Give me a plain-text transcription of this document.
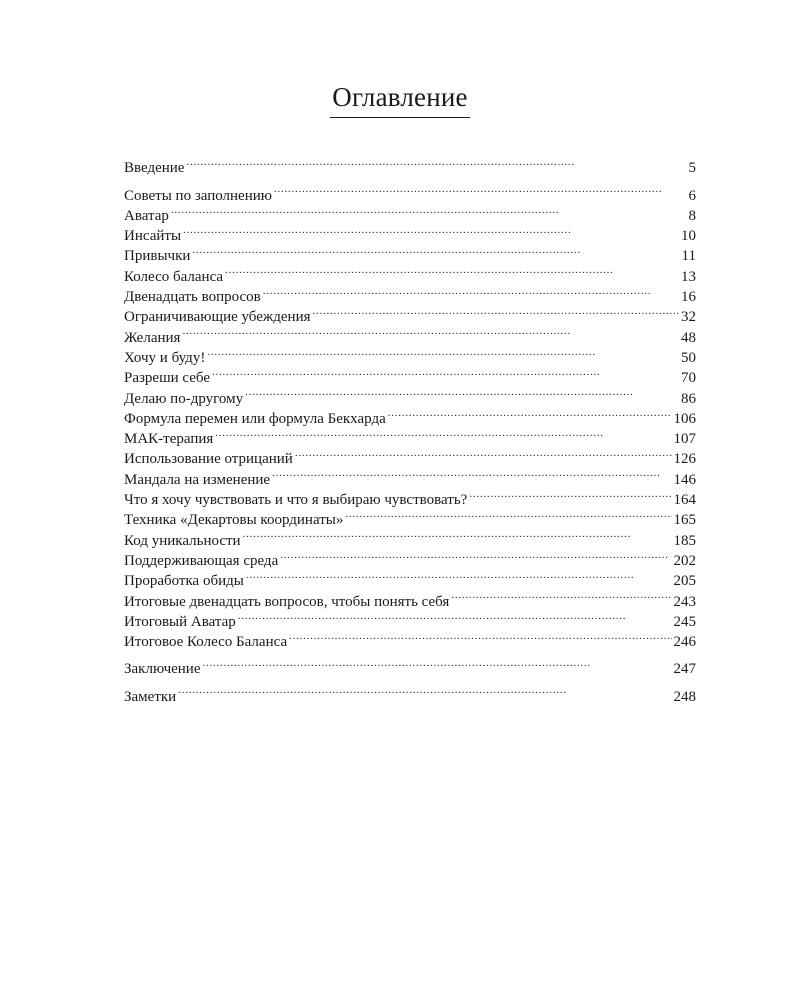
Оглавление
Введение . . .	5
Советы по заполнению . . .	6
Аватар . . .	8
Инсайты . . .	10
Привычки . . .	11
Колесо баланса . . .	13
Двенадцать вопросов . . .	16
Ограничивающие убеждения . . .	32
Желания . . .	48
Хочу и буду! . . .	50
Разреши себе . . .	70
Делаю по-другому . . .	86
Формула перемен или формула Бекхарда . . .	106
МАК-терапия . . .	107
Использование отрицаний . . .	126
Мандала на изменение . . .	146
Что я хочу чувствовать и что я выбираю чувствовать? . . .	164
Техника «Декартовы координаты» . . .	165
Код уникальности . . .	185
Поддерживающая среда . . .	202
Проработка обиды . . .	205
Итоговые двенадцать вопросов, чтобы понять себя . . .	243
Итоговый Аватар . . .	245
Итоговое Колесо Баланса . . .	246
Заключение . . .	247
Заметки . . .	248
